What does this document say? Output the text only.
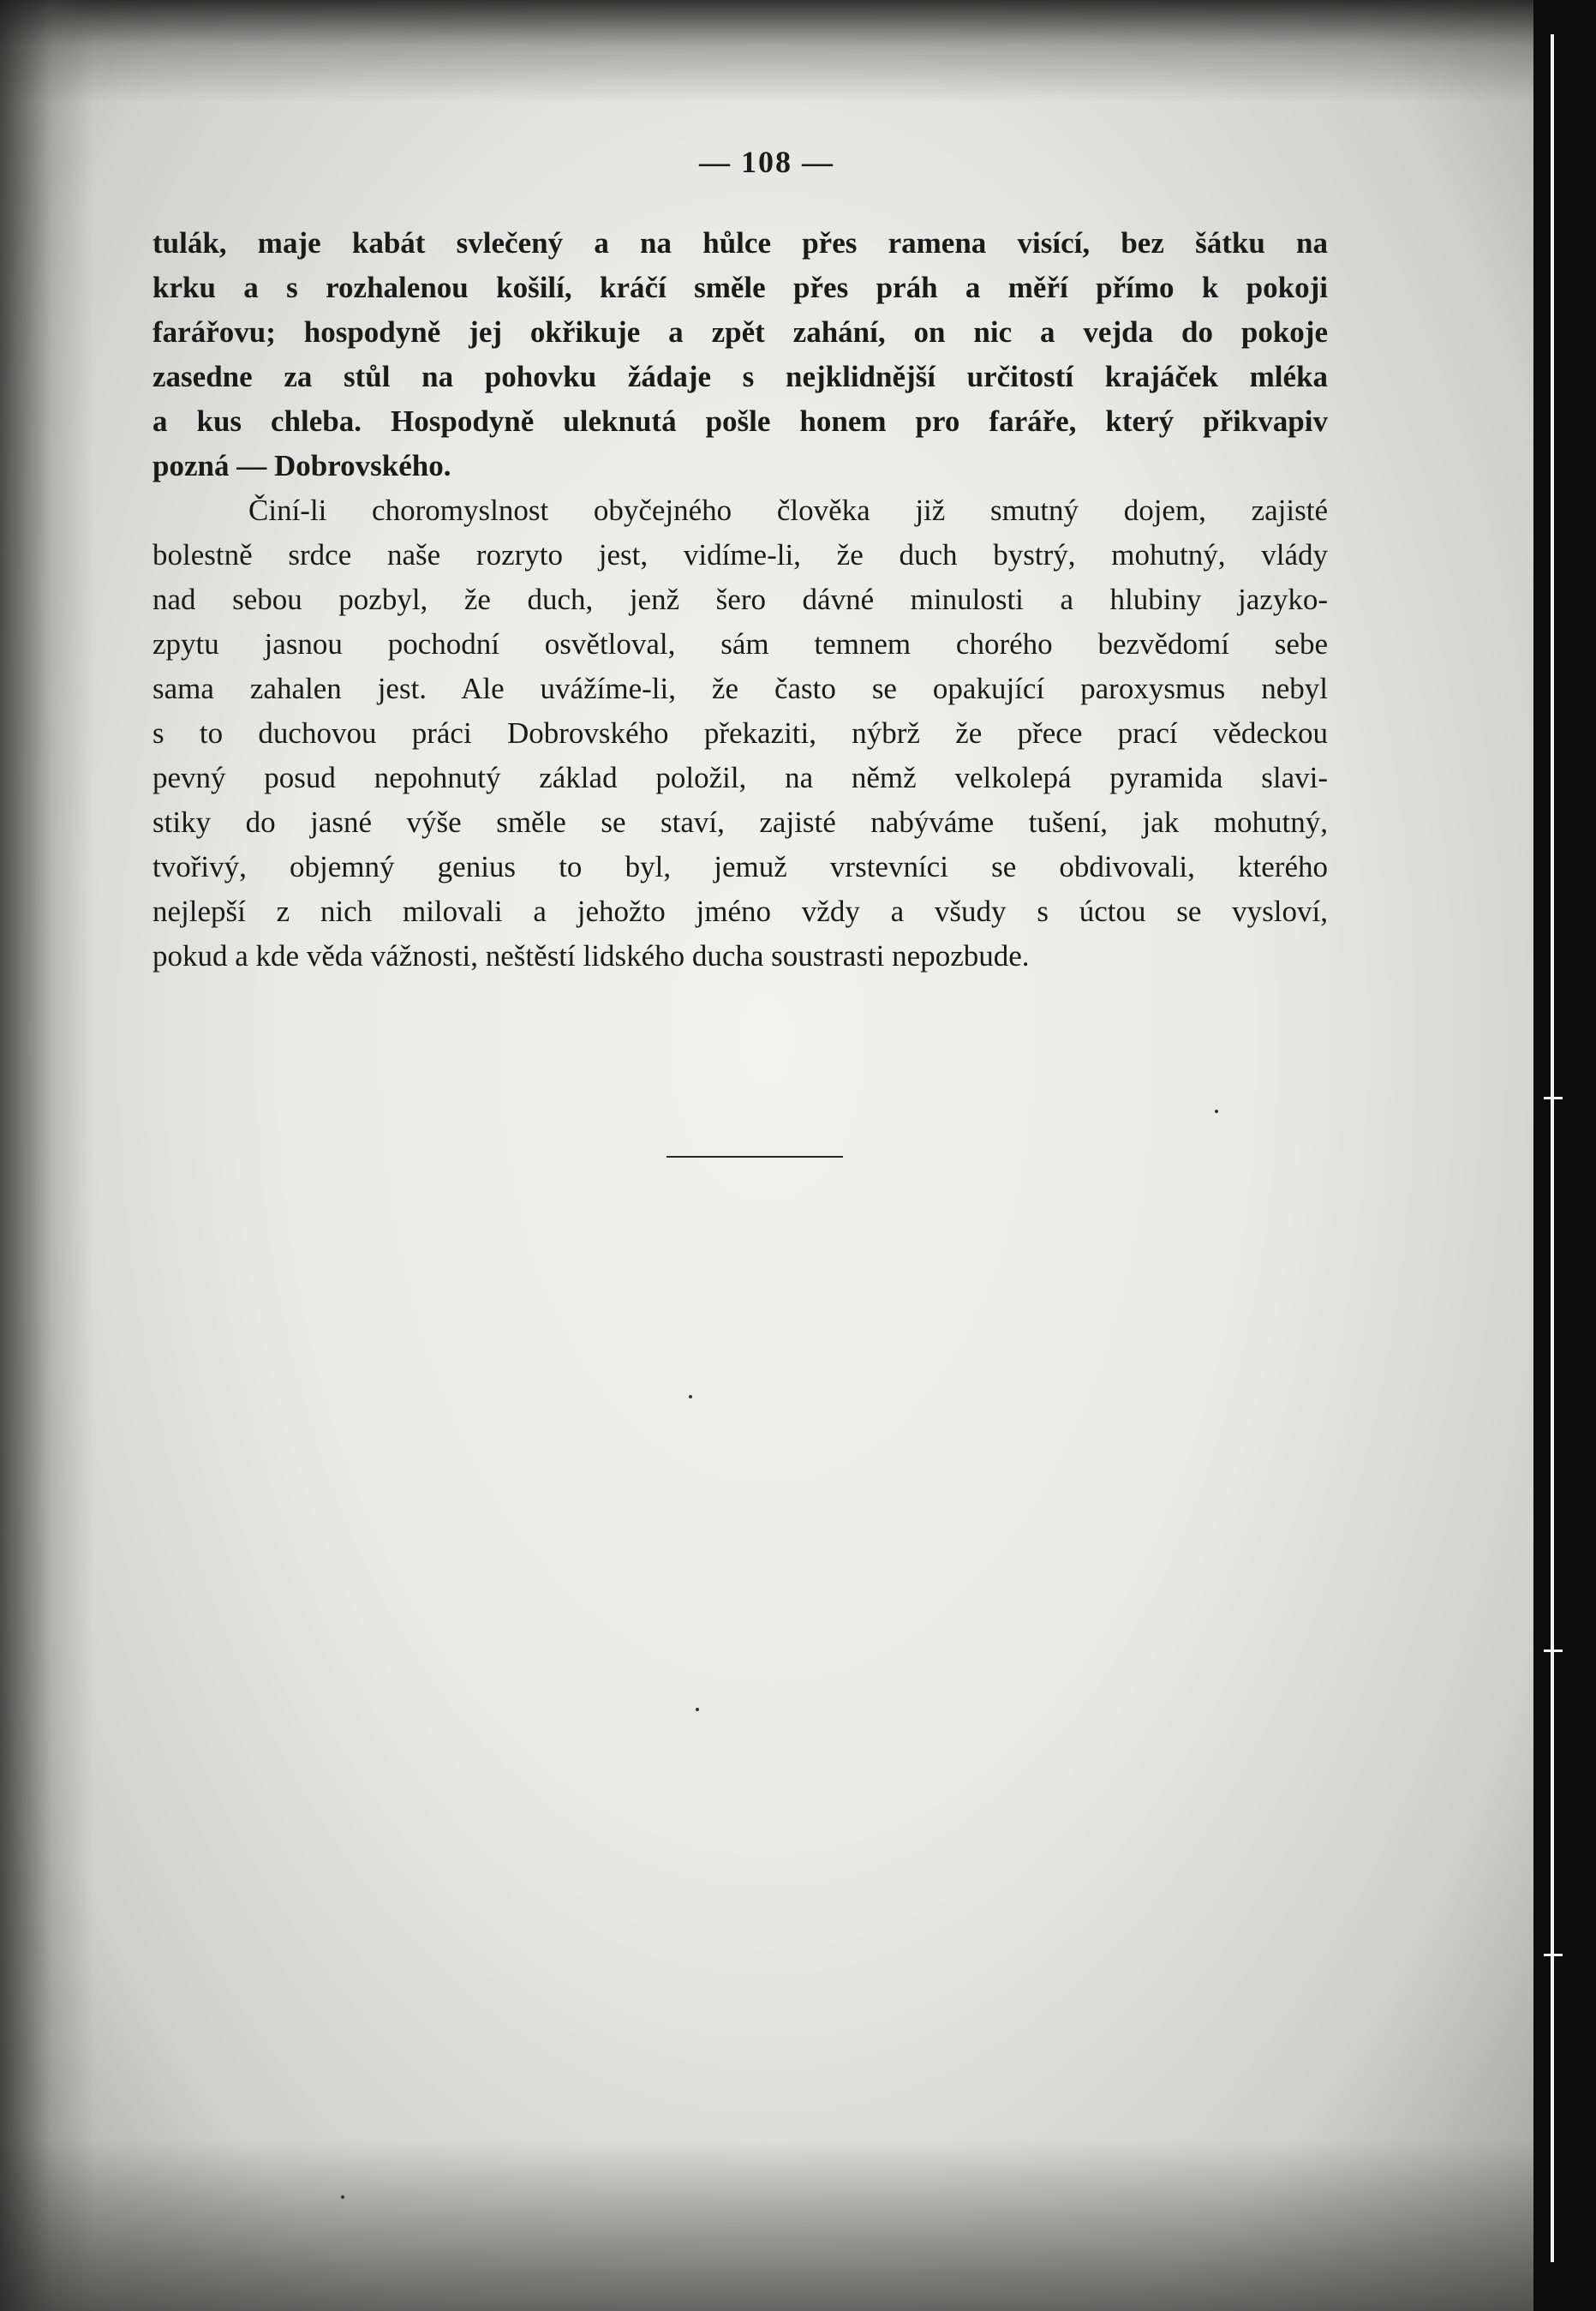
— 108 —
tulák, maje kabát svlečený a na hůlce přes ramena visící, bez šátku na
krku a s rozhalenou košilí, kráčí směle přes práh a měří přímo k pokoji
farářovu; hospodyně jej okřikuje a zpět zahání, on nic a vejda do pokoje
zasedne za stůl na pohovku žádaje s nejklidnější určitostí krajáček mléka
a kus chleba. Hospodyně uleknutá pošle honem pro faráře, který přikvapiv
pozná — Dobrovského.
Činí-li choromyslnost obyčejného člověka již smutný dojem, zajisté
bolestně srdce naše rozryto jest, vidíme-li, že duch bystrý, mohutný, vlády
nad sebou pozbyl, že duch, jenž šero dávné minulosti a hlubiny jazyko-
zpytu jasnou pochodní osvětloval, sám temnem chorého bezvědomí sebe
sama zahalen jest. Ale uvážíme-li, že často se opakující paroxysmus nebyl
s to duchovou práci Dobrovského překaziti, nýbrž že přece prací vědeckou
pevný posud nepohnutý základ položil, na němž velkolepá pyramida slavi-
stiky do jasné výše směle se staví, zajisté nabýváme tušení, jak mohutný,
tvořivý, objemný genius to byl, jemuž vrstevníci se obdivovali, kterého
nejlepší z nich milovali a jehožto jméno vždy a všudy s úctou se vysloví,
pokud a kde věda vážnosti, neštěstí lidského ducha soustrasti nepozbude.
